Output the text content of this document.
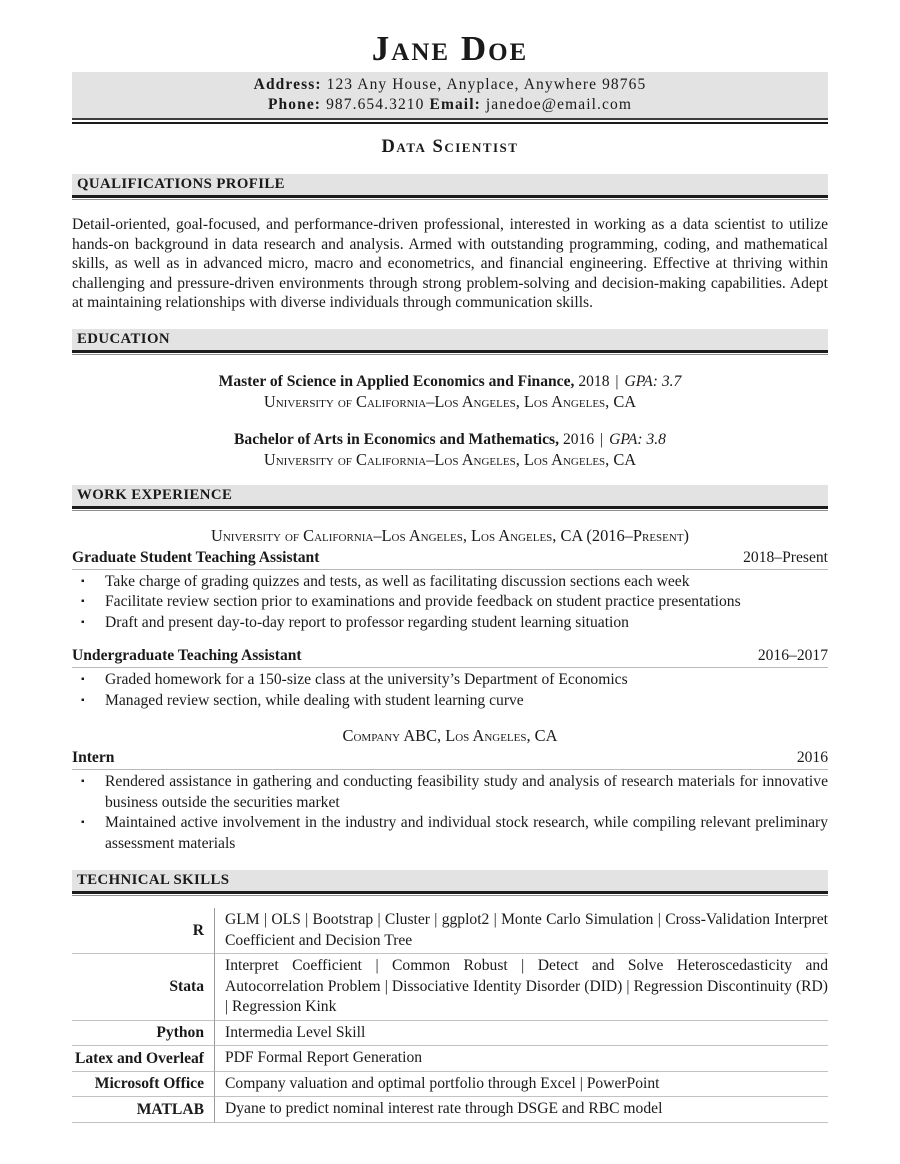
Jane Doe
Address: 123 Any House, Anyplace, Anywhere 98765
Phone: 987.654.3210 Email: janedoe@email.com
Data Scientist
QUALIFICATIONS PROFILE
Detail-oriented, goal-focused, and performance-driven professional, interested in working as a data scientist to utilize hands-on background in data research and analysis. Armed with outstanding programming, coding, and mathematical skills, as well as in advanced micro, macro and econometrics, and financial engineering. Effective at thriving within challenging and pressure-driven environments through strong problem-solving and decision-making capabilities. Adept at maintaining relationships with diverse individuals through communication skills.
EDUCATION
Master of Science in Applied Economics and Finance, 2018 | GPA: 3.7
University of California–Los Angeles, Los Angeles, CA
Bachelor of Arts in Economics and Mathematics, 2016 | GPA: 3.8
University of California–Los Angeles, Los Angeles, CA
WORK EXPERIENCE
University of California–Los Angeles, Los Angeles, CA (2016–Present)
Graduate Student Teaching Assistant	2018–Present
▪	Take charge of grading quizzes and tests, as well as facilitating discussion sections each week
▪	Facilitate review section prior to examinations and provide feedback on student practice presentations
▪	Draft and present day-to-day report to professor regarding student learning situation
Undergraduate Teaching Assistant	2016–2017
▪	Graded homework for a 150-size class at the university’s Department of Economics
▪	Managed review section, while dealing with student learning curve
Company ABC, Los Angeles, CA
Intern	2016
▪	Rendered assistance in gathering and conducting feasibility study and analysis of research materials for innovative business outside the securities market
▪	Maintained active involvement in the industry and individual stock research, while compiling relevant preliminary assessment materials
TECHNICAL SKILLS
R	GLM | OLS | Bootstrap | Cluster | ggplot2 | Monte Carlo Simulation | Cross-Validation Interpret Coefficient and Decision Tree
Stata	Interpret Coefficient | Common Robust | Detect and Solve Heteroscedasticity and Autocorrelation Problem | Dissociative Identity Disorder (DID) | Regression Discontinuity (RD) | Regression Kink
Python	Intermedia Level Skill
Latex and Overleaf	PDF Formal Report Generation
Microsoft Office	Company valuation and optimal portfolio through Excel | PowerPoint
MATLAB	Dyane to predict nominal interest rate through DSGE and RBC model
